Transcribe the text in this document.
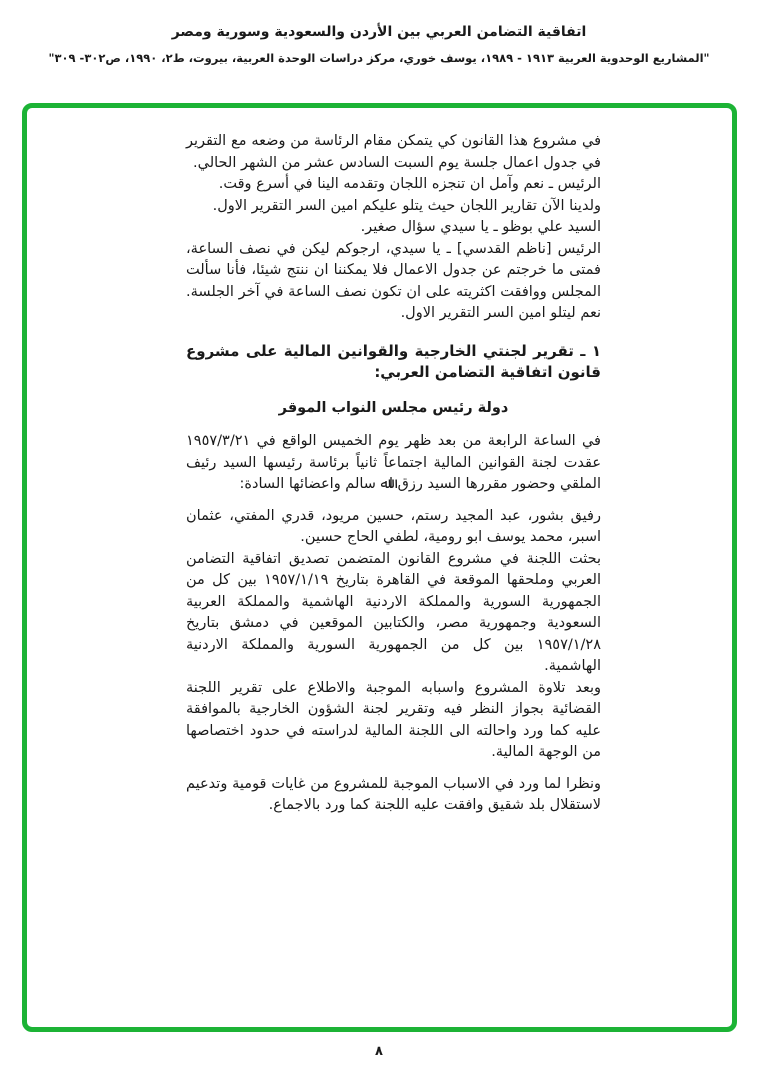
اتفاقية التضامن العربي بين الأردن والسعودية وسورية ومصر
"المشاريع الوحدوية العربية ١٩١٣ - ١٩٨٩، يوسف خوري، مركز دراسات الوحدة العربية، بيروت، ط٢، ١٩٩٠، ص٣٠٢- ٣٠٩"

في مشروع هذا القانون كي يتمكن مقام الرئاسة من وضعه مع التقرير في جدول اعمال جلسة يوم السبت السادس عشر من الشهر الحالي.

الرئيس ـ نعم وآمل ان تنجزه اللجان وتقدمه الينا في أسرع وقت.

ولدينا الآن تقارير اللجان حيث يتلو عليكم امين السر التقرير الاول.

السيد علي بوظو ـ يا سيدي سؤال صغير.

الرئيس [ناظم القدسي] ـ يا سيدي، ارجوكم ليكن في نصف الساعة، فمتى ما خرجتم عن جدول الاعمال فلا يمكننا ان ننتج شيئا، فأنا سألت المجلس ووافقت اكثريته على ان تكون نصف الساعة في آخر الجلسة. نعم ليتلو امين السر التقرير الاول.

١ ـ تقرير لجنتي الخارجية والقوانين المالية على مشروع قانون اتفاقية التضامن العربي:

دولة رئيس مجلس النواب الموقر

في الساعة الرابعة من بعد ظهر يوم الخميس الواقع في ١٩٥٧/٣/٢١ عقدت لجنة القوانين المالية اجتماعاً ثانياً برئاسة رئيسها السيد رئيف الملقي وحضور مقررها السيد رزق اﷲ سالم واعضائها السادة:

رفيق بشور، عبد المجيد رستم، حسين مريود، قدري المفتي، عثمان اسبر، محمد يوسف ابو رومية، لطفي الحاج حسين.

بحثت اللجنة في مشروع القانون المتضمن تصديق اتفاقية التضامن العربي وملحقها الموقعة في القاهرة بتاريخ ١٩٥٧/١/١٩ بين كل من الجمهورية السورية والمملكة الاردنية الهاشمية والمملكة العربية السعودية وجمهورية مصر، والكتابين الموقعين في دمشق بتاريخ ١٩٥٧/١/٢٨ بين كل من الجمهورية السورية والمملكة الاردنية الهاشمية.

وبعد تلاوة المشروع واسبابه الموجبة والاطلاع على تقرير اللجنة القضائية بجواز النظر فيه وتقرير لجنة الشؤون الخارجية بالموافقة عليه كما ورد واحالته الى اللجنة المالية لدراسته في حدود اختصاصها من الوجهة المالية.

ونظرا لما ورد في الاسباب الموجبة للمشروع من غايات قومية وتدعيم لاستقلال بلد شقيق وافقت عليه اللجنة كما ورد بالاجماع.

٨
